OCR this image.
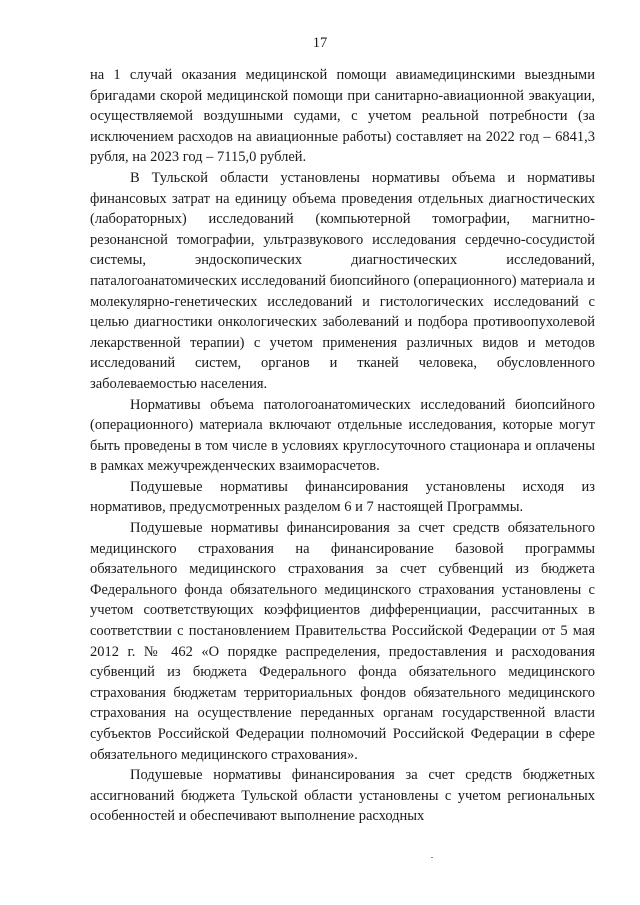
17

на 1 случай оказания медицинской помощи авиамедицинскими выездными бригадами скорой медицинской помощи при санитарно-авиационной эвакуации, осуществляемой воздушными судами, с учетом реальной потребности (за исключением расходов на авиационные работы) составляет на 2022 год – 6841,3 рубля, на 2023 год – 7115,0 рублей.

В Тульской области установлены нормативы объема и нормативы финансовых затрат на единицу объема проведения отдельных диагностических (лабораторных) исследований (компьютерной томографии, магнитно-резонансной томографии, ультразвукового исследования сердечно-сосудистой системы, эндоскопических диагностических исследований, паталогоанатомических исследований биопсийного (операционного) материала и молекулярно-генетических исследований и гистологических исследований с целью диагностики онкологических заболеваний и подбора противоопухолевой лекарственной терапии) с учетом применения различных видов и методов исследований систем, органов и тканей человека, обусловленного заболеваемостью населения.

Нормативы объема патологоанатомических исследований биопсийного (операционного) материала включают отдельные исследования, которые могут быть проведены в том числе в условиях круглосуточного стационара и оплачены в рамках межучрежденческих взаиморасчетов.

Подушевые нормативы финансирования установлены исходя из нормативов, предусмотренных разделом 6 и 7 настоящей Программы.

Подушевые нормативы финансирования за счет средств обязательного медицинского страхования на финансирование базовой программы обязательного медицинского страхования за счет субвенций из бюджета Федерального фонда обязательного медицинского страхования установлены с учетом соответствующих коэффициентов дифференциации, рассчитанных в соответствии с постановлением Правительства Российской Федерации от 5 мая 2012 г. № 462 «О порядке распределения, предоставления и расходования субвенций из бюджета Федерального фонда обязательного медицинского страхования бюджетам территориальных фондов обязательного медицинского страхования на осуществление переданных органам государственной власти субъектов Российской Федерации полномочий Российской Федерации в сфере обязательного медицинского страхования».

Подушевые нормативы финансирования за счет средств бюджетных ассигнований бюджета Тульской области установлены с учетом региональных особенностей и обеспечивают выполнение расходных
